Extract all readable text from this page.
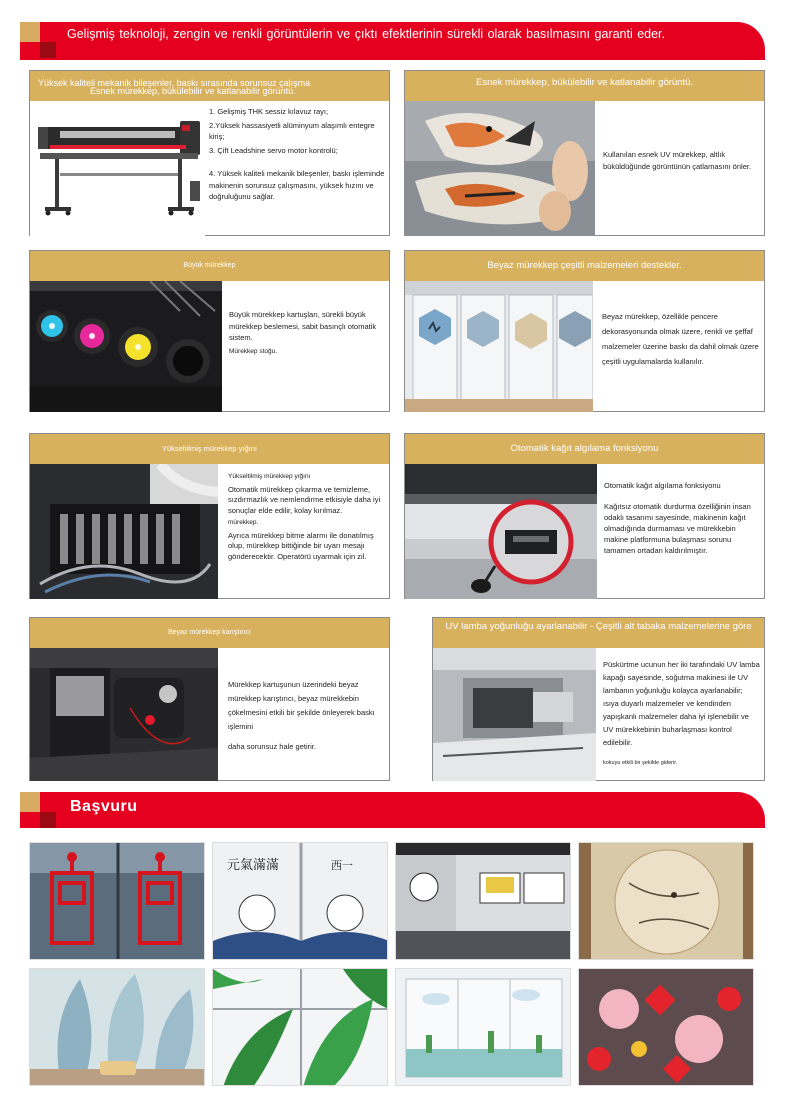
Gelişmiş teknoloji, zengin ve renkli görüntülerin ve çıktı efektlerinin sürekli olarak basılmasını garanti eder.
Yüksek kaliteli mekanik bileşenler, baskı sırasında sorunsuz çalışma
Esnek mürekkep, bükülebilir ve katlanabilir görüntü.

1. Gelişmiş THK sessiz kılavuz rayı;

2.Yüksek hassasiyetli alüminyum alaşımlı entegre kiriş;

3. Çift Leadshine servo motor kontrolü;

4. Yüksek kaliteli mekanik bileşenler, baskı işleminde makinenin sorunsuz çalışmasını, yüksek hızını ve doğruluğunu sağlar.

Esnek mürekkep, bükülebilir ve katlanabilir görüntü.

Kullanılan esnek UV mürekkep, altlık büküldüğünde görüntünün çatlamasını önler.

Büyük mürekkep

Büyük mürekkep kartuşları, sürekli büyük mürekkep beslemesi, sabit basınçlı otomatik sistem.

Mürekkep stoğu.

Beyaz mürekkep çeşitli malzemeleri destekler.

Beyaz mürekkep, özellikle pencere dekorasyonunda olmak üzere, renkli ve şeffaf malzemeler üzerine baskı da dahil olmak üzere çeşitli uygulamalarda kullanılır.

Yükseltilmiş mürekkep yığını

Yükseltilmiş mürekkep yığını

Otomatik mürekkep çıkarma ve temizleme, sızdırmazlık ve nemlendirme etkisiyle daha iyi sonuçlar elde edilir, kolay kırılmaz.

mürekkep.

Ayrıca mürekkep bitme alarmı ile donatılmış olup, mürekkep bittiğinde bir uyarı mesajı gönderecektir. Operatörü uyarmak için zil.

Otomatik kağıt algılama fonksiyonu

Otomatik kağıt algılama fonksiyonu

Kağıtsız otomatik durdurma özelliğinin insan odaklı tasarımı sayesinde, makinenin kağıt olmadığında durmaması ve mürekkebin makine platformuna bulaşması sorunu tamamen ortadan kaldırılmıştır.

Beyaz mürekkep karıştırıcı

Mürekkep kartuşunun üzerindeki beyaz mürekkep karıştırıcı, beyaz mürekkebin çökelmesini etkili bir şekilde önleyerek baskı işlemini

daha sorunsuz hale getirir.

UV lamba yoğunluğu ayarlanabilir - Çeşitli alt tabaka malzemelerine göre

Püskürtme ucunun her iki tarafındaki UV lamba kapağı sayesinde, soğutma makinesi ile UV lambanın yoğunluğu kolayca ayarlanabilir; ısıya duyarlı malzemeler ve kendinden yapışkanlı malzemeler daha iyi işlenebilir ve UV mürekkebinin buharlaşması kontrol edilebilir.

kokuyu etkili bir şekilde giderir.

Başvuru
元氣滿滿	西一
